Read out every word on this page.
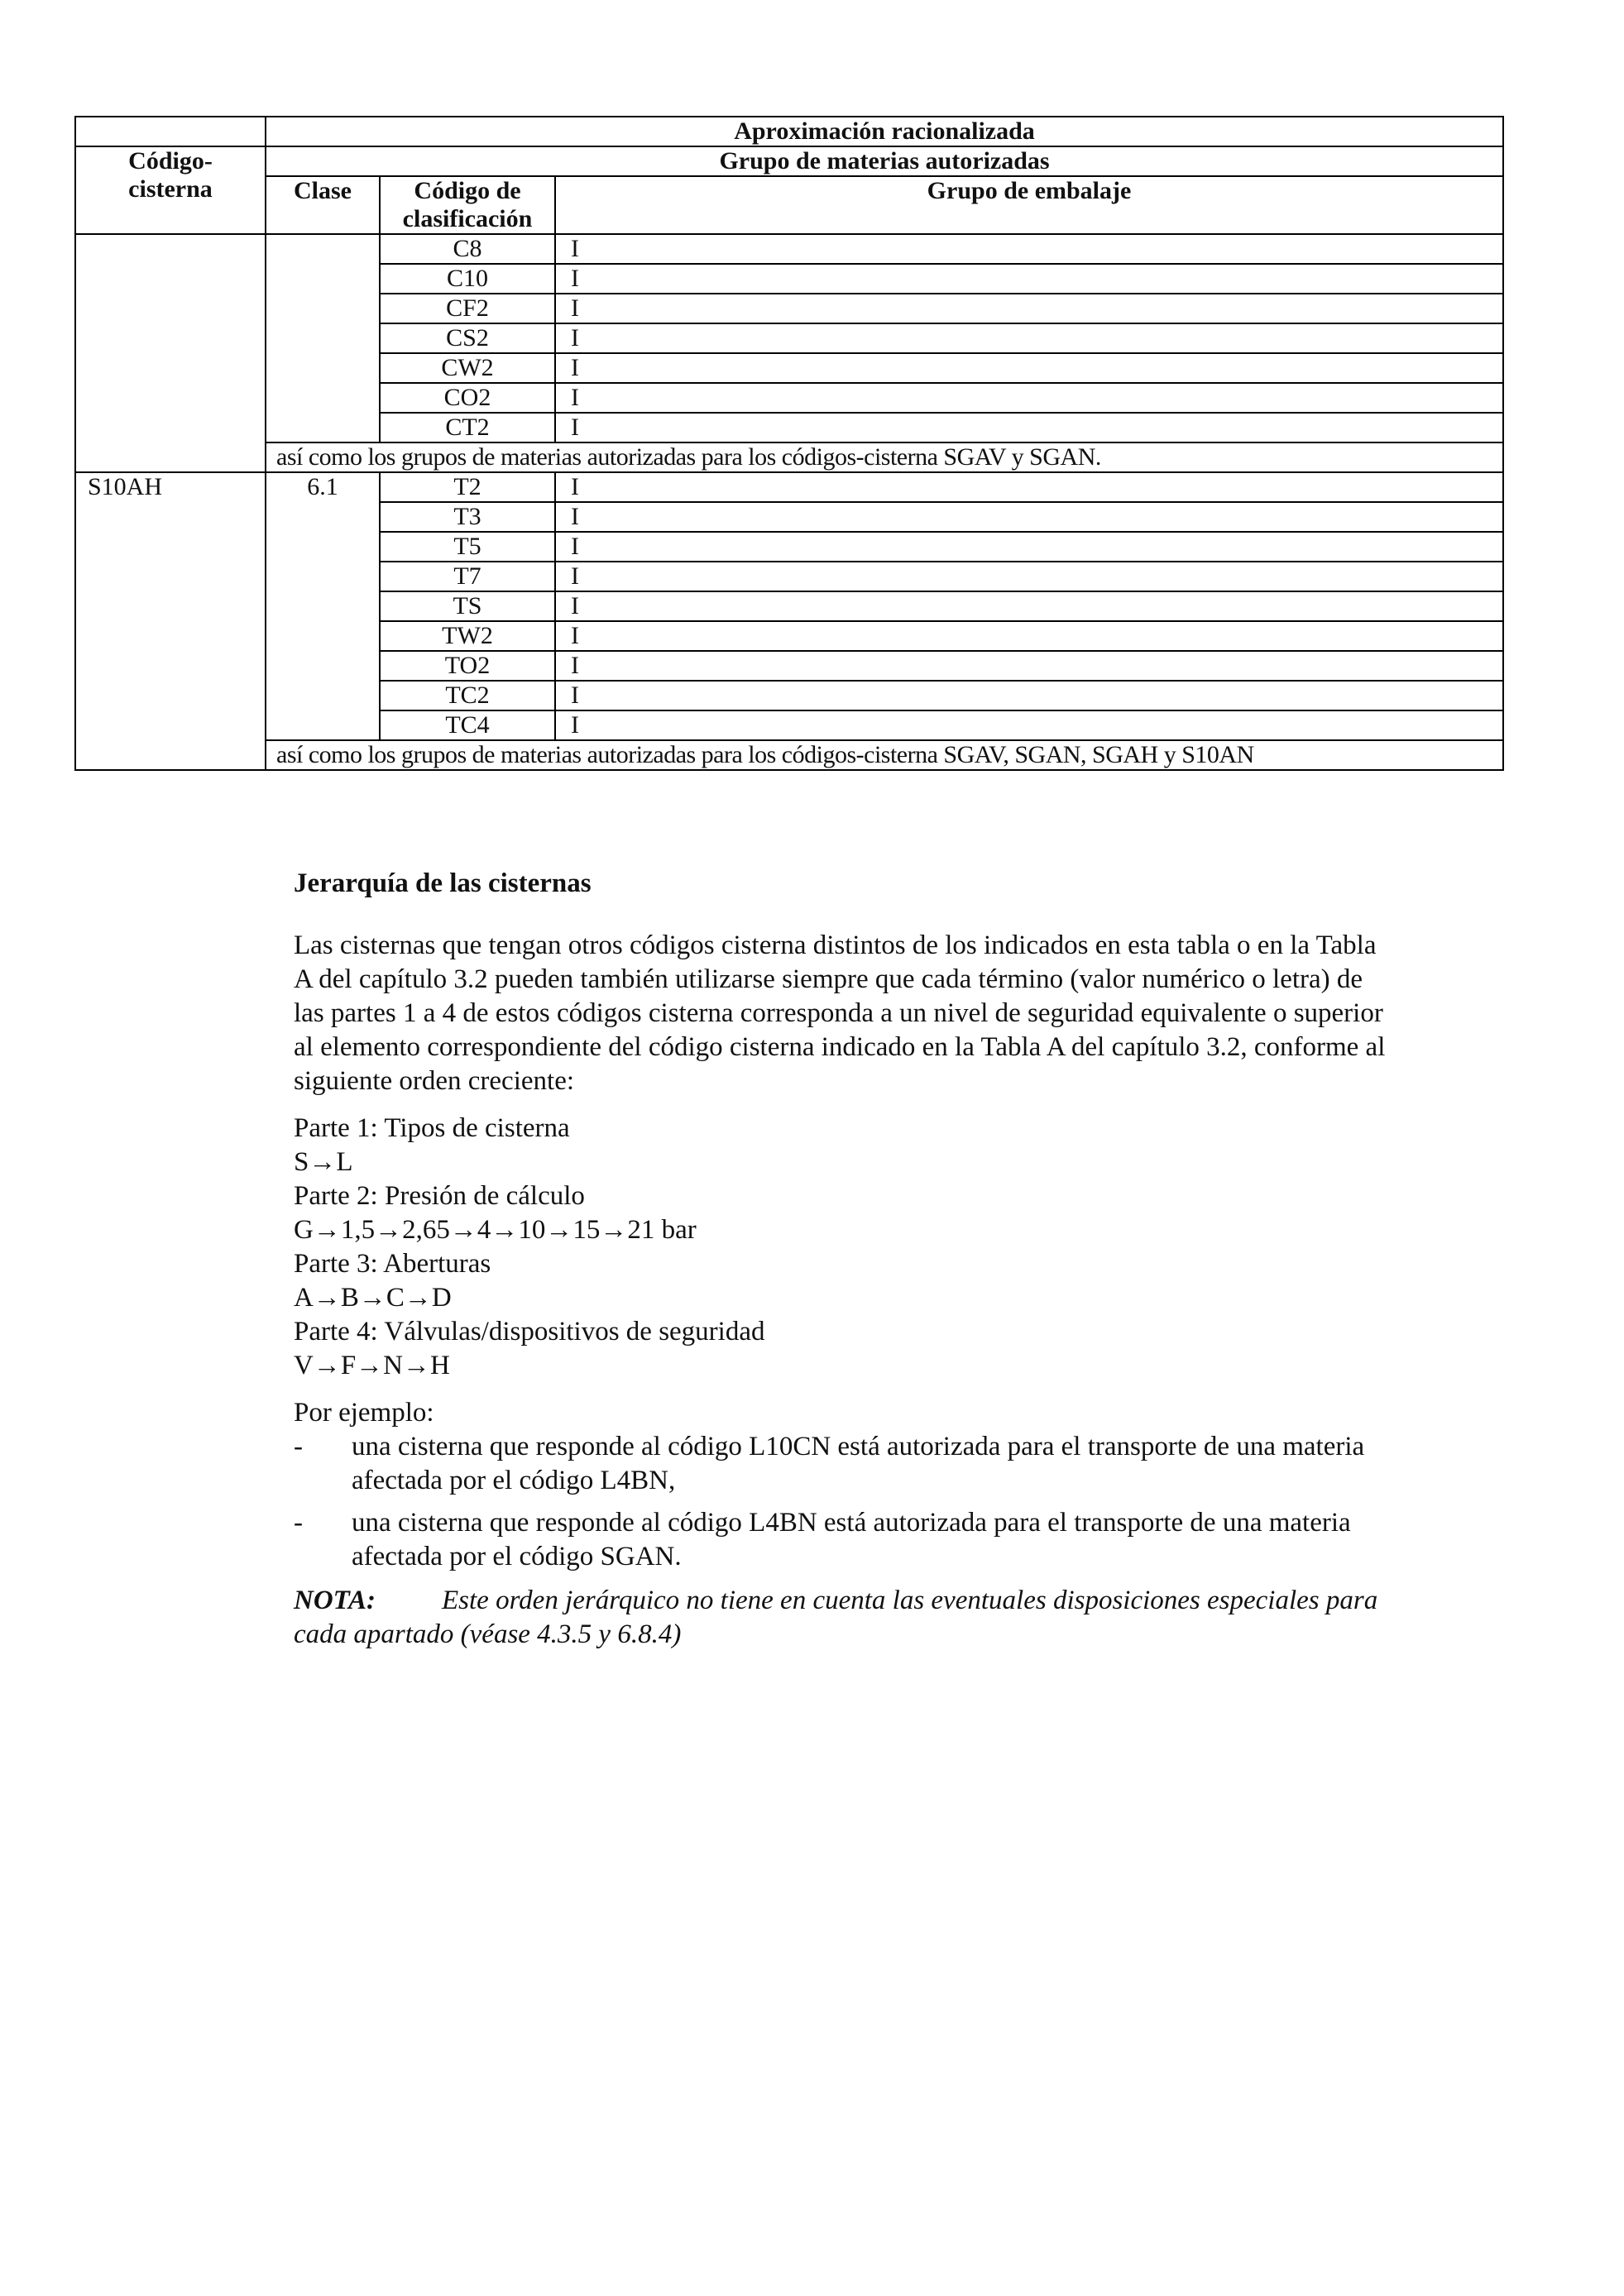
	Aproximación racionalizada		
Código-cisterna	Grupo de materias autorizadas		
	Clase	Código de clasificación	Grupo de embalaje
		C8	I
		C10	I
		CF2	I
		CS2	I
		CW2	I
		CO2	I
		CT2	I
	así como los grupos de materias autorizadas para los códigos-cisterna SGAV y SGAN.		
S10AH	6.1	T2	I
		T3	I
		T5	I
		T7	I
		TS	I
		TW2	I
		TO2	I
		TC2	I
		TC4	I
	así como los grupos de materias autorizadas para los códigos-cisterna SGAV, SGAN, SGAH y S10AN		
Jerarquía de las cisternas
Las cisternas que tengan otros códigos cisterna distintos de los indicados en esta tabla o en la Tabla
A del capítulo 3.2 pueden también utilizarse siempre que cada término (valor numérico o letra) de
las partes 1 a 4 de estos códigos cisterna corresponda a un nivel de seguridad equivalente o superior
al elemento correspondiente del código cisterna indicado en la Tabla A del capítulo 3.2, conforme al
siguiente orden creciente:
Parte 1: Tipos de cisterna
S→L
Parte 2: Presión de cálculo
G→1,5→2,65→4→10→15→21 bar
Parte 3: Aberturas
A→B→C→D
Parte 4: Válvulas/dispositivos de seguridad
V→F→N→H
Por ejemplo:
- una cisterna que responde al código L10CN está autorizada para el transporte de una materia
afectada por el código L4BN,
- una cisterna que responde al código L4BN está autorizada para el transporte de una materia
afectada por el código SGAN.
NOTA: Este orden jerárquico no tiene en cuenta las eventuales disposiciones especiales para
cada apartado (véase 4.3.5 y 6.8.4)
